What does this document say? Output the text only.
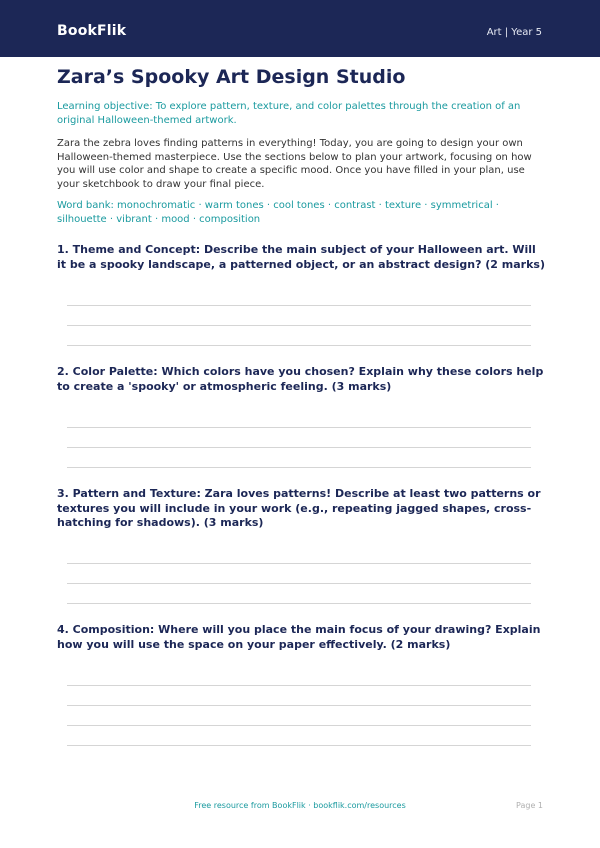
BookFlik	Art | Year 5
Zara’s Spooky Art Design Studio
Learning objective: To explore pattern, texture, and color palettes through the creation of an original Halloween-themed artwork.
Zara the zebra loves finding patterns in everything! Today, you are going to design your own Halloween-themed masterpiece. Use the sections below to plan your artwork, focusing on how you will use color and shape to create a specific mood. Once you have filled in your plan, use your sketchbook to draw your final piece.
Word bank: monochromatic · warm tones · cool tones · contrast · texture · symmetrical · silhouette · vibrant · mood · composition
1. Theme and Concept: Describe the main subject of your Halloween art. Will it be a spooky landscape, a patterned object, or an abstract design? (2 marks)
2. Color Palette: Which colors have you chosen? Explain why these colors help to create a 'spooky' or atmospheric feeling. (3 marks)
3. Pattern and Texture: Zara loves patterns! Describe at least two patterns or textures you will include in your work (e.g., repeating jagged shapes, cross-hatching for shadows). (3 marks)
4. Composition: Where will you place the main focus of your drawing? Explain how you will use the space on your paper effectively. (2 marks)
Free resource from BookFlik · bookflik.com/resources	Page 1
